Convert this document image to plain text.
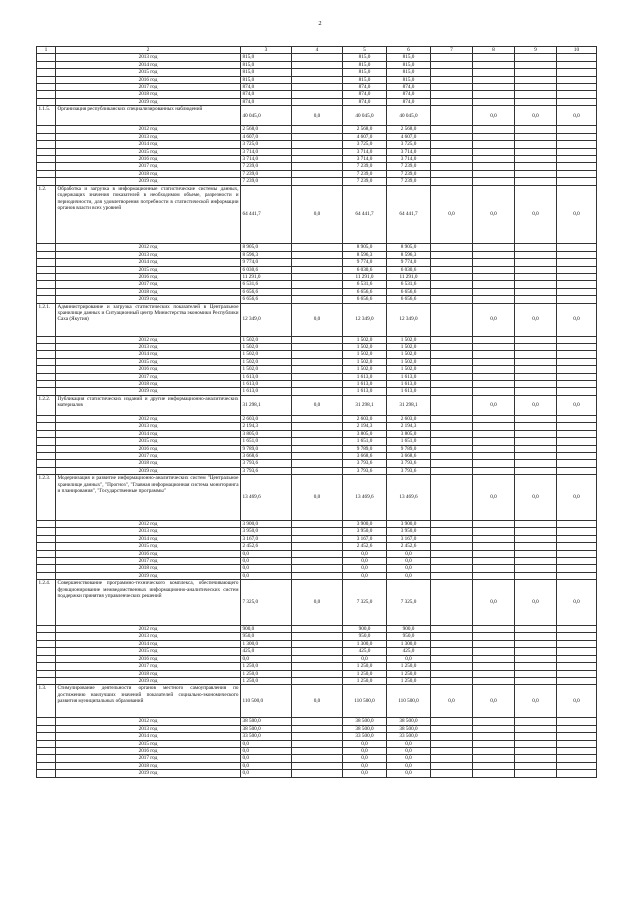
2
1	2	3	4	5	6	7	8	9	10
	2013 год	815,0		815,0	815,0				
	2014 год	815,0		815,0	815,0				
	2015 год	815,0		815,0	815,0				
	2016 год	815,0		815,0	815,0				
	2017 год	874,0		874,0	874,0				
	2018 год	874,0		874,0	874,0				
	2019 год	874,0		874,0	874,0				
1.1.5.	Организация республиканских специализированных наблюдений	40 045,0	0,0	40 045,0	40 045,0		0,0	0,0	0,0
	2012 год	2 568,0		2 568,0	2 568,0				
	2013 год	4 607,0		4 607,0	4 607,0				
	2014 год	3 725,0		3 725,0	3 725,0				
	2015 год	3 714,0		3 714,0	3 714,0				
	2016 год	3 714,0		3 714,0	3 714,0				
	2017 год	7 239,0		7 239,0	7 239,0				
	2018 год	7 239,0		7 239,0	7 239,0				
	2019 год	7 239,0		7 239,0	7 239,0				
1.2.	Обработка и загрузка в информационные статистические системы данных, содержащих значения показателей в необходимом объеме, разрезности и периодичности, для удовлетворения потребности в статистической информации органов власти всех уровней	64 441,7	0,0	64 441,7	64 441,7	0,0	0,0	0,0	0,0
	2012 год	8 905,0		8 905,0	8 905,0				
	2013 год	8 596,3		8 596,3	8 596,3				
	2014 год	9 774,0		9 774,0	9 774,0				
	2015 год	6 030,6		6 030,6	6 030,6				
	2016 год	11 291,0		11 291,0	11 291,0				
	2017 год	6 531,6		6 531,6	6 531,6				
	2018 год	6 656,6		6 656,6	6 656,6				
	2019 год	6 656,6		6 656,6	6 656,6				
1.2.1.	Администрирование и загрузка статистических показателей в Центральное хранилище данных и Ситуационный центр Министерства экономики Республики Саха (Якутия)	12 349,0	0,0	12 349,0	12 349,0		0,0	0,0	0,0
	2012 год	1 502,0		1 502,0	1 502,0				
	2013 год	1 502,0		1 502,0	1 502,0				
	2014 год	1 502,0		1 502,0	1 502,0				
	2015 год	1 502,0		1 502,0	1 502,0				
	2016 год	1 502,0		1 502,0	1 502,0				
	2017 год	1 613,0		1 613,0	1 613,0				
	2018 год	1 613,0		1 613,0	1 613,0				
	2019 год	1 613,0		1 613,0	1 613,0				
1.2.2.	Публикация статистических изданий и другие информационно-аналитических материалов	31 298,1	0,0	31 298,1	31 298,1		0,0	0,0	0,0
	2012 год	2 603,0		2 603,0	2 603,0				
	2013 год	2 194,3		2 194,3	2 194,3				
	2014 год	3 805,0		3 805,0	3 805,0				
	2015 год	1 651,0		1 651,0	1 651,0				
	2016 год	9 789,0		9 789,0	9 789,0				
	2017 год	3 668,6		3 668,6	3 668,6				
	2018 год	3 793,6		3 793,6	3 793,6				
	2019 год	3 793,6		3 793,6	3 793,6				
1.2.3.	Модернизация и развитие информационно-аналитических систем "Центральное хранилище данных", "Прогноз", "Главная информационная система мониторинга и планирования", "Государственные программы"	13 469,6	0,0	13 469,6	13 469,6		0,0	0,0	0,0
	2012 год	3 900,0		3 900,0	3 900,0				
	2013 год	3 950,0		3 950,0	3 950,0				
	2014 год	3 167,0		3 167,0	3 167,0				
	2015 год	2 452,6		2 452,6	2 452,6				
	2016 год	0,0		0,0	0,0				
	2017 год	0,0		0,0	0,0				
	2018 год	0,0		0,0	0,0				
	2019 год	0,0		0,0	0,0				
1.2.4.	Совершенствование программно-технического комплекса, обеспечивающего функционирование межведомственных информационно-аналитических систем поддержки принятия управленческих решений	7 325,0	0,0	7 325,0	7 325,0		0,0	0,0	0,0
	2012 год	900,0		900,0	900,0				
	2013 год	950,0		950,0	950,0				
	2014 год	1 300,0		1 300,0	1 300,0				
	2015 год	425,0		425,0	425,0				
	2016 год	0,0		0,0	0,0				
	2017 год	1 250,0		1 250,0	1 250,0				
	2018 год	1 250,0		1 250,0	1 250,0				
	2019 год	1 250,0		1 250,0	1 250,0				
1.3.	Стимулирование деятельности органов местного самоуправления по достижению наилучших значений показателей социально-экономического развития муниципальных образований	110 500,0	0,0	110 500,0	110 500,0	0,0	0,0	0,0	0,0
	2012 год	38 500,0		38 500,0	38 500,0				
	2013 год	38 500,0		38 500,0	38 500,0				
	2014 год	33 500,0		33 500,0	33 500,0				
	2015 год	0,0		0,0	0,0				
	2016 год	0,0		0,0	0,0				
	2017 год	0,0		0,0	0,0				
	2018 год	0,0		0,0	0,0				
	2019 год	0,0		0,0	0,0				
